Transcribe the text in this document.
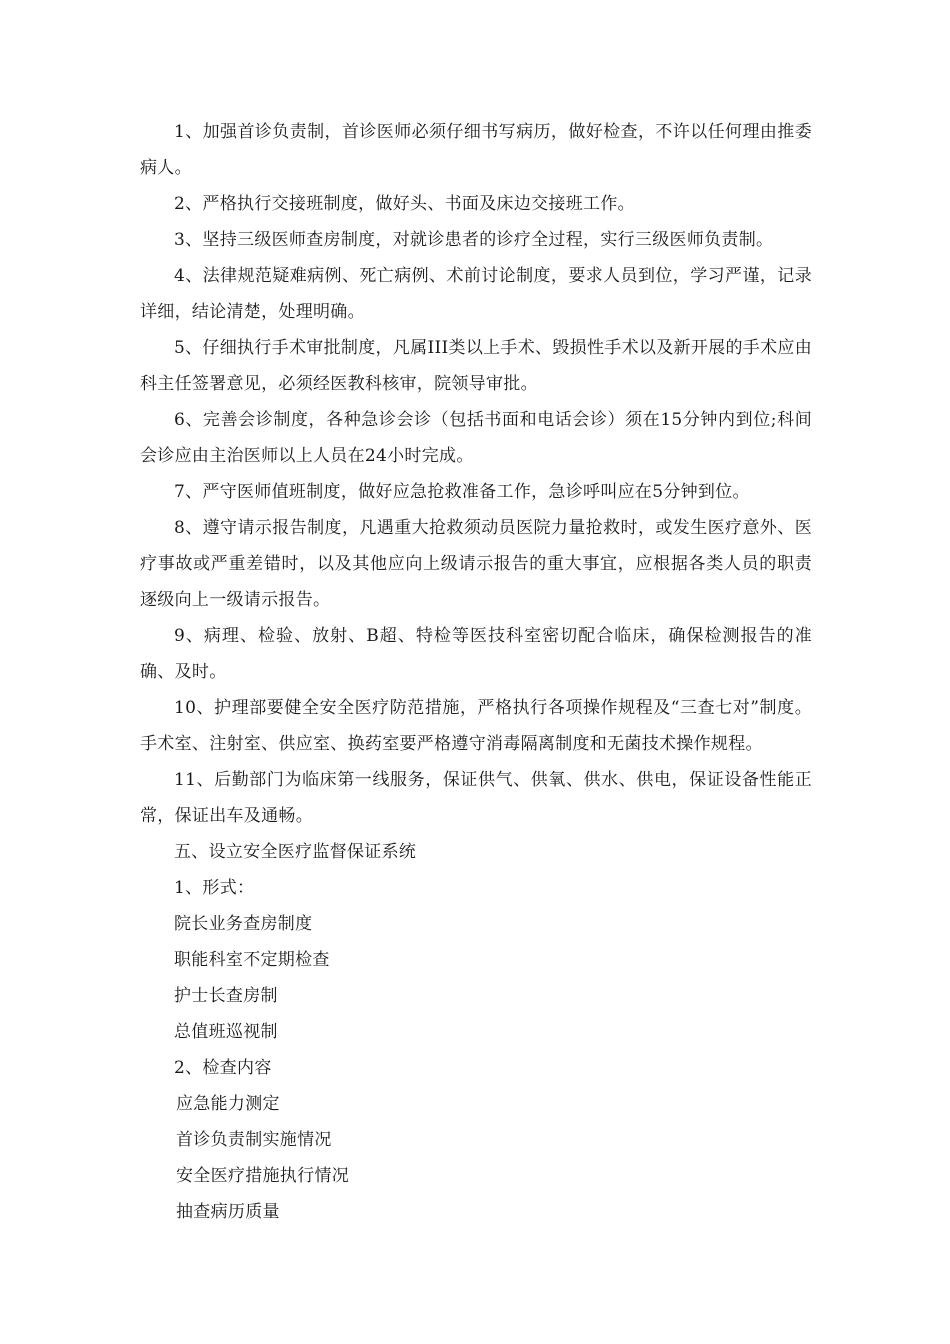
1、加强首诊负责制，首诊医师必须仔细书写病历，做好检查，不许以任何理由推委病人。

2、严格执行交接班制度，做好头、书面及床边交接班工作。

3、坚持三级医师查房制度，对就诊患者的诊疗全过程，实行三级医师负责制。

4、法律规范疑难病例、死亡病例、术前讨论制度，要求人员到位，学习严谨，记录详细，结论清楚，处理明确。

5、仔细执行手术审批制度，凡属III类以上手术、毁损性手术以及新开展的手术应由科主任签署意见，必须经医教科核审，院领导审批。

6、完善会诊制度，各种急诊会诊（包括书面和电话会诊）须在15分钟内到位;科间会诊应由主治医师以上人员在24小时完成。

7、严守医师值班制度，做好应急抢救准备工作，急诊呼叫应在5分钟到位。

8、遵守请示报告制度，凡遇重大抢救须动员医院力量抢救时，或发生医疗意外、医疗事故或严重差错时，以及其他应向上级请示报告的重大事宜，应根据各类人员的职责逐级向上一级请示报告。

9、病理、检验、放射、B超、特检等医技科室密切配合临床，确保检测报告的准确、及时。

10、护理部要健全安全医疗防范措施，严格执行各项操作规程及“三查七对”制度。手术室、注射室、供应室、换药室要严格遵守消毒隔离制度和无菌技术操作规程。

11、后勤部门为临床第一线服务，保证供气、供氧、供水、供电，保证设备性能正常，保证出车及通畅。

五、设立安全医疗监督保证系统

1、形式：

院长业务查房制度

职能科室不定期检查

护士长查房制

总值班巡视制

2、检查内容

应急能力测定

首诊负责制实施情况

安全医疗措施执行情况

抽查病历质量
